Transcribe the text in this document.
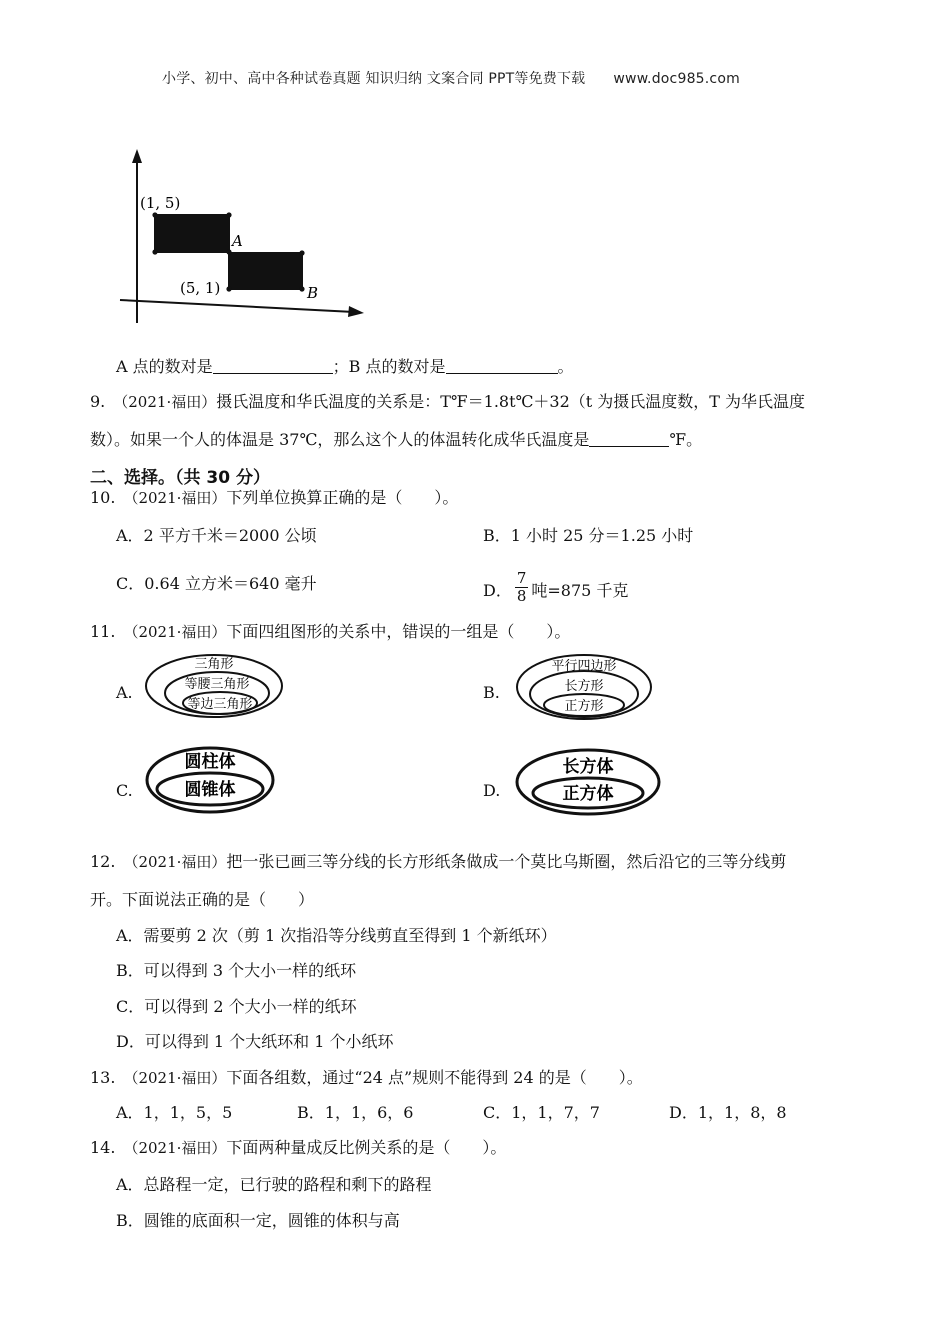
小学、初中、高中各种试卷真题 知识归纳 文案合同 PPT等免费下载 www.doc985.com
(1, 5)
(5, 1)
A
B
A 点的数对是	；B 点的数对是	。
9. （2021·福田）摄氏温度和华氏温度的关系是：T℉＝1.8t℃＋32（t 为摄氏温度数，T 为华氏温度
数）。如果一个人的体温是 37℃，那么这个人的体温转化成华氏温度是	℉。
二、选择。（共 30 分）
10. （2021·福田）下列单位换算正确的是（　　）。
A．2 平方千米＝2000 公顷	B．1 小时 25 分＝1.25 小时
C．0.64 立方米＝640 毫升	D． $\frac{7}{8}$ 吨=875 千克
11. （2021·福田）下面四组图形的关系中，错误的一组是（　　）。
A.
三角形
等腰三角形
等边三角形
B.
平行四边形
长方形
正方形
C.
圆柱体
圆锥体	D.
长方体
正方体
12. （2021·福田）把一张已画三等分线的长方形纸条做成一个莫比乌斯圈，然后沿它的三等分线剪
开。下面说法正确的是（　　）
A．需要剪 2 次（剪 1 次指沿等分线剪直至得到 1 个新纸环）
B．可以得到 3 个大小一样的纸环
C．可以得到 2 个大小一样的纸环
D．可以得到 1 个大纸环和 1 个小纸环
13. （2021·福田）下面各组数，通过“24 点”规则不能得到 24 的是（　　）。
A．1，1，5，5	B．1，1，6，6	C．1，1，7，7	D．1，1，8，8
14. （2021·福田）下面两种量成反比例关系的是（　　）。
A．总路程一定，已行驶的路程和剩下的路程
B．圆锥的底面积一定，圆锥的体积与高
